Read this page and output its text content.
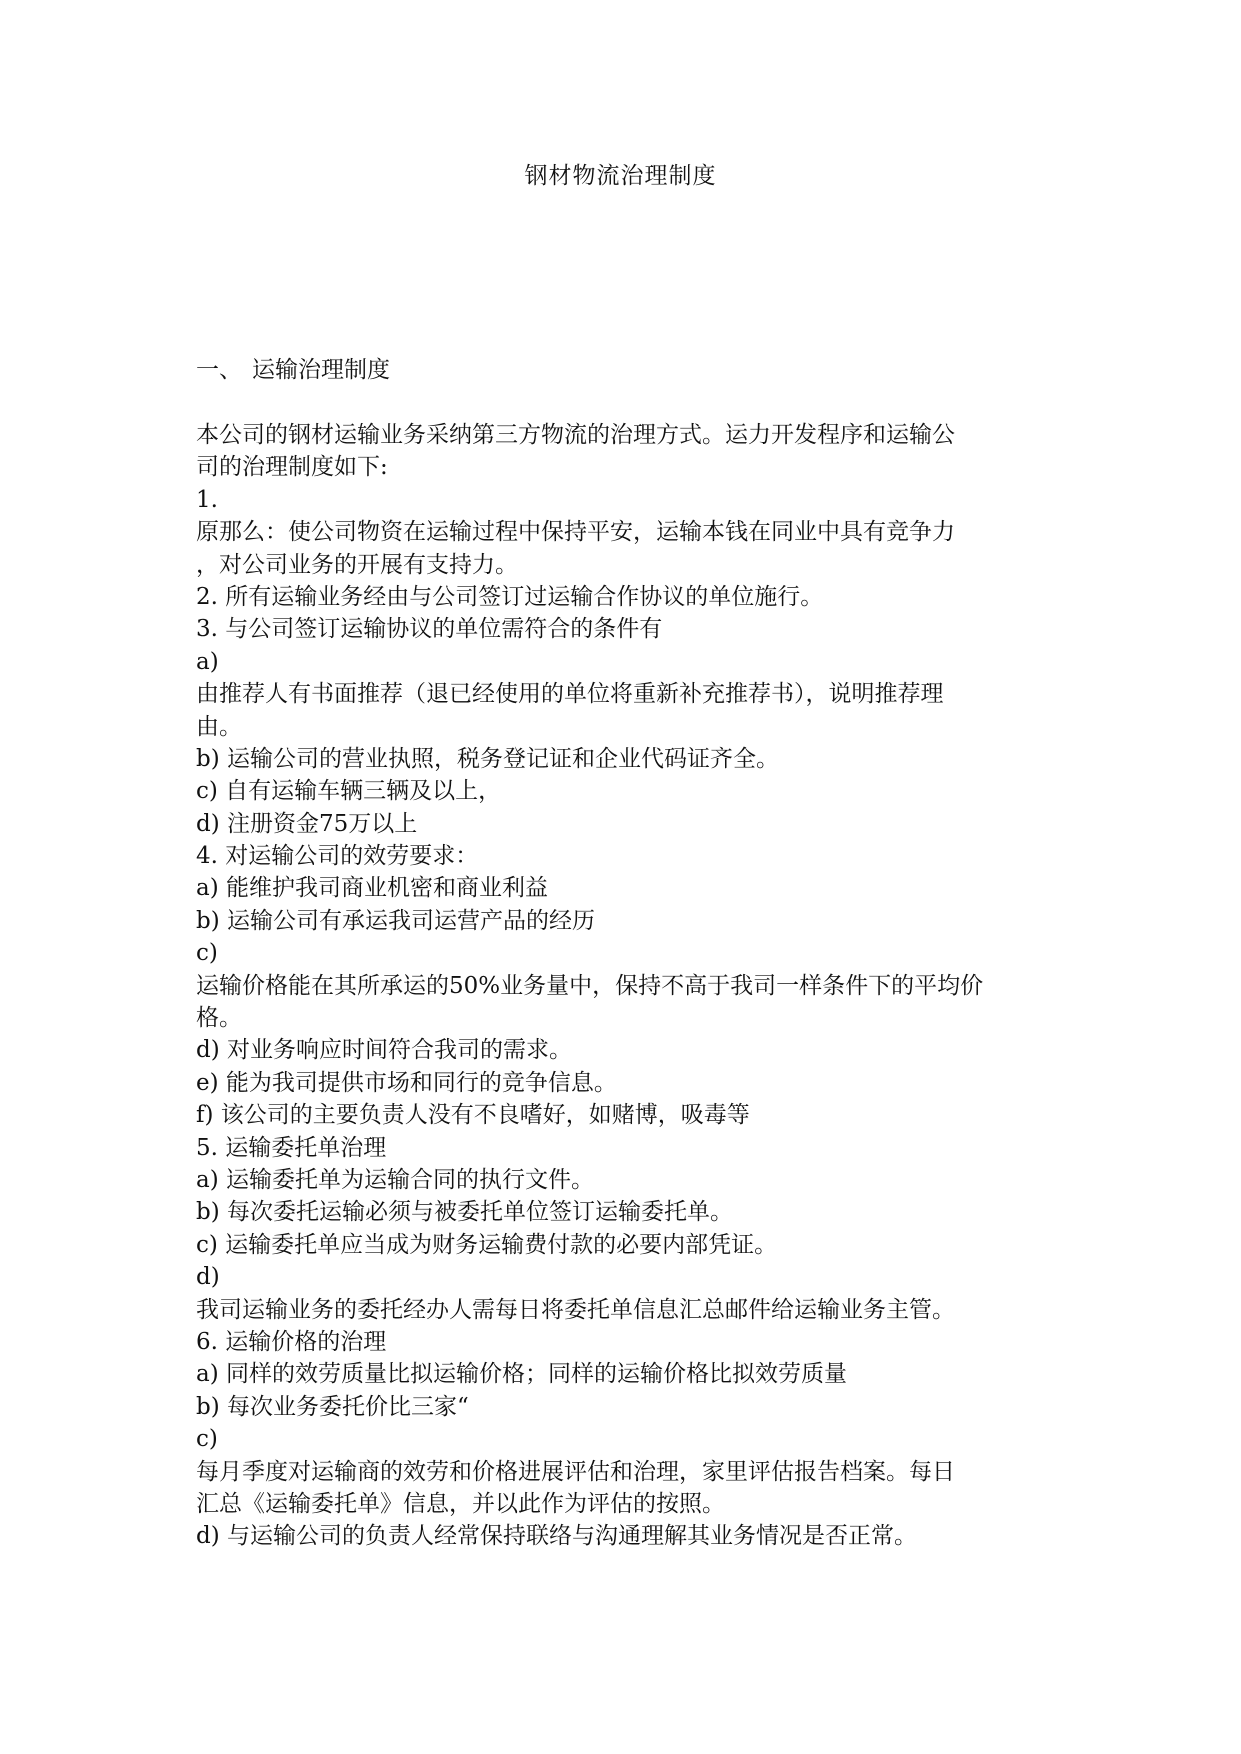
钢材物流治理制度
一、 运输治理制度
本公司的钢材运输业务采纳第三方物流的治理方式。运力开发程序和运输公
司的治理制度如下:
1.
原那么：使公司物资在运输过程中保持平安，运输本钱在同业中具有竞争力
，对公司业务的开展有支持力。
2. 所有运输业务经由与公司签订过运输合作协议的单位施行。
3. 与公司签订运输协议的单位需符合的条件有
a)
由推荐人有书面推荐（退已经使用的单位将重新补充推荐书），说明推荐理
由。
b) 运输公司的营业执照，税务登记证和企业代码证齐全。
c) 自有运输车辆三辆及以上，
d) 注册资金75万以上
4. 对运输公司的效劳要求：
a) 能维护我司商业机密和商业利益
b) 运输公司有承运我司运营产品的经历
c)
运输价格能在其所承运的50%业务量中，保持不高于我司一样条件下的平均价
格。
d) 对业务响应时间符合我司的需求。
e) 能为我司提供市场和同行的竞争信息。
f) 该公司的主要负责人没有不良嗜好，如赌博，吸毒等
5. 运输委托单治理
a) 运输委托单为运输合同的执行文件。
b) 每次委托运输必须与被委托单位签订运输委托单。
c) 运输委托单应当成为财务运输费付款的必要内部凭证。
d)
我司运输业务的委托经办人需每日将委托单信息汇总邮件给运输业务主管。
6. 运输价格的治理
a) 同样的效劳质量比拟运输价格；同样的运输价格比拟效劳质量
b) 每次业务委托价比三家“
c)
每月季度对运输商的效劳和价格进展评估和治理，家里评估报告档案。每日
汇总《运输委托单》信息，并以此作为评估的按照。
d) 与运输公司的负责人经常保持联络与沟通理解其业务情况是否正常。
